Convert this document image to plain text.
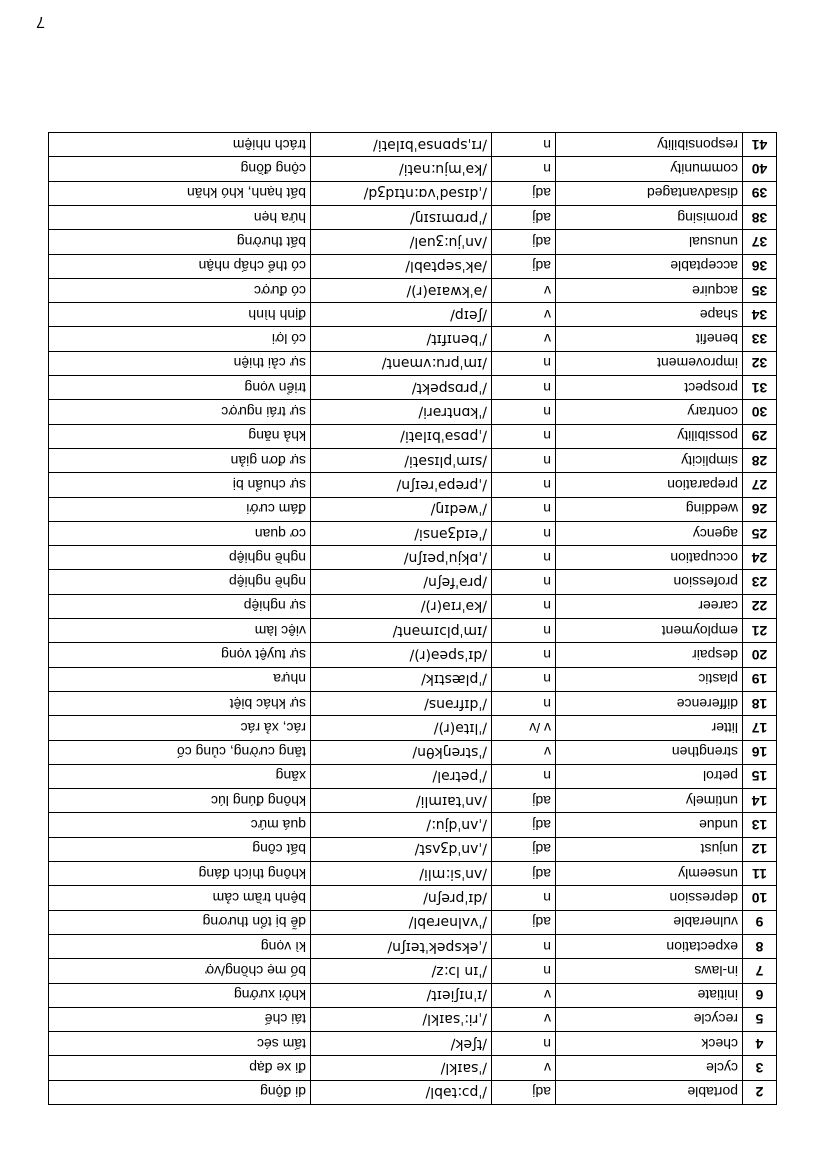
7
2	portable	adj	/ˈpɔːtəbl/	di động
3	cycle	v	/ˈsaɪkl/	đi xe đạp
4	check	n	/tʃek/	tấm séc
5	recycle	v	/ˌriːˈsaɪkl/	tái chế
6	initiate	v	/ɪˈnɪʃieɪt/	khởi xướng
7	in-laws	n	/ˈɪn lɔːz/	bố mẹ chồng/vợ
8	expectation	n	/ˌekspekˈteɪʃn/	kì vọng
9	vulnerable	adj	/ˈvʌlnərəbl/	dễ bị tổn thương
10	depression	n	/dɪˈpreʃn/	bệnh trầm cảm
11	unseemly	adj	/ʌnˈsiːmli/	không thích đáng
12	unjust	adj	/ˌʌnˈdʒʌst/	bất công
13	undue	adj	/ˌʌnˈdjuː/	quá mức
14	untimely	adj	/ʌnˈtaɪmli/	không đúng lúc
15	petrol	n	/ˈpetrəl/	xăng
16	strengthen	v	/ˈstreŋkθn/	tăng cường, củng cố
17	litter	v /v	/ˈlɪtə(r)/	rác, xả rác
18	difference	n	/ˈdɪfrəns/	sự khác biệt
19	plastic	n	/ˈplæstɪk/	nhựa
20	despair	n	/dɪˈspeə(r)/	sự tuyệt vọng
21	employment	n	/ɪmˈplɔɪmənt/	việc làm
22	career	n	/kəˈrɪə(r)/	sự nghiệp
23	profession	n	/prəˈfeʃn/	nghề nghiệp
24	occupation	n	/ˌɒkjuˈpeɪʃn/	nghề nghiệp
25	agency	n	/ˈeɪdʒənsi/	cơ quan
26	wedding	n	/ˈwedɪŋ/	đám cưới
27	preparation	n	/ˌprepəˈreɪʃn/	sự chuẩn bị
28	simplicity	n	/sɪmˈplɪsəti/	sự đơn giản
29	possibility	n	/ˌpɒsəˈbɪləti/	khả năng
30	contrary	n	/ˈkɒntrəri/	sự trái ngược
31	prospect	n	/ˈprɒspekt/	triển vọng
32	improvement	n	/ɪmˈpruːvmənt/	sự cải thiện
33	benefit	v	/ˈbenɪfɪt/	có lợi
34	shape	v	/ʃeɪp/	định hình
35	acquire	v	/əˈkwaɪə(r)/	có được
36	acceptable	adj	/əkˈseptəbl/	có thể chấp nhận
37	unusual	adj	/ʌnˈjuːʒuəl/	bất thường
38	promising	adj	/ˈprɒmɪsɪŋ/	hứa hẹn
39	disadvantaged	adj	/ˌdɪsədˈvɑːntɪdʒd/	bất hạnh, khó khăn
40	community	n	/kəˈmjuːnəti/	cộng đồng
41	responsibility	n	/rɪˌspɒnsəˈbɪləti/	trách nhiệm
